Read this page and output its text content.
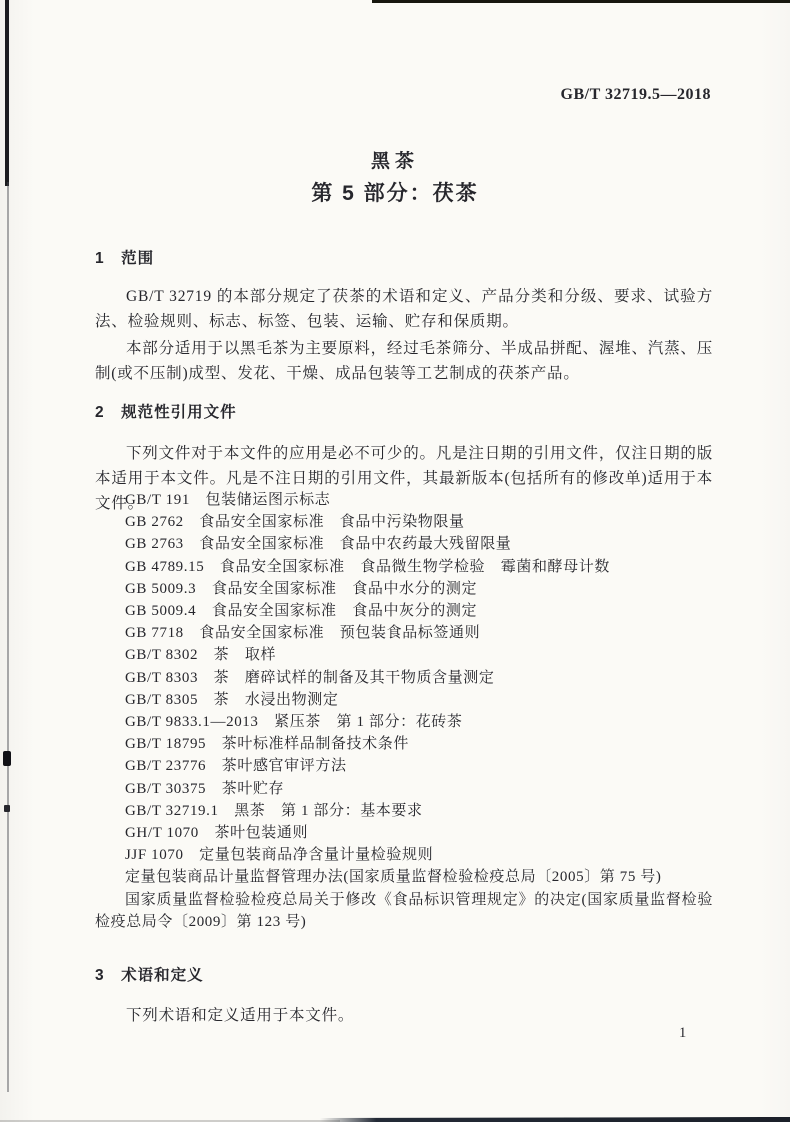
GB/T 32719.5—2018
黑茶
第 5 部分：茯茶
1　范围

GB/T 32719 的本部分规定了茯茶的术语和定义、产品分类和分级、要求、试验方法、检验规则、标志、标签、包装、运输、贮存和保质期。

本部分适用于以黑毛茶为主要原料，经过毛茶筛分、半成品拼配、渥堆、汽蒸、压制(或不压制)成型、发花、干燥、成品包装等工艺制成的茯茶产品。

2　规范性引用文件

下列文件对于本文件的应用是必不可少的。凡是注日期的引用文件，仅注日期的版本适用于本文件。凡是不注日期的引用文件，其最新版本(包括所有的修改单)适用于本文件。

GB/T 191　包装储运图示标志
GB 2762　食品安全国家标准　食品中污染物限量
GB 2763　食品安全国家标准　食品中农药最大残留限量
GB 4789.15　食品安全国家标准　食品微生物学检验　霉菌和酵母计数
GB 5009.3　食品安全国家标准　食品中水分的测定
GB 5009.4　食品安全国家标准　食品中灰分的测定
GB 7718　食品安全国家标准　预包装食品标签通则
GB/T 8302　茶　取样
GB/T 8303　茶　磨碎试样的制备及其干物质含量测定
GB/T 8305　茶　水浸出物测定
GB/T 9833.1—2013　紧压茶　第 1 部分：花砖茶
GB/T 18795　茶叶标准样品制备技术条件
GB/T 23776　茶叶感官审评方法
GB/T 30375　茶叶贮存
GB/T 32719.1　黑茶　第 1 部分：基本要求
GH/T 1070　茶叶包装通则
JJF 1070　定量包装商品净含量计量检验规则
定量包装商品计量监督管理办法(国家质量监督检验检疫总局〔2005〕第 75 号)
国家质量监督检验检疫总局关于修改《食品标识管理规定》的决定(国家质量监督检验检疫总局令〔2009〕第 123 号)
3　术语和定义

下列术语和定义适用于本文件。

1
